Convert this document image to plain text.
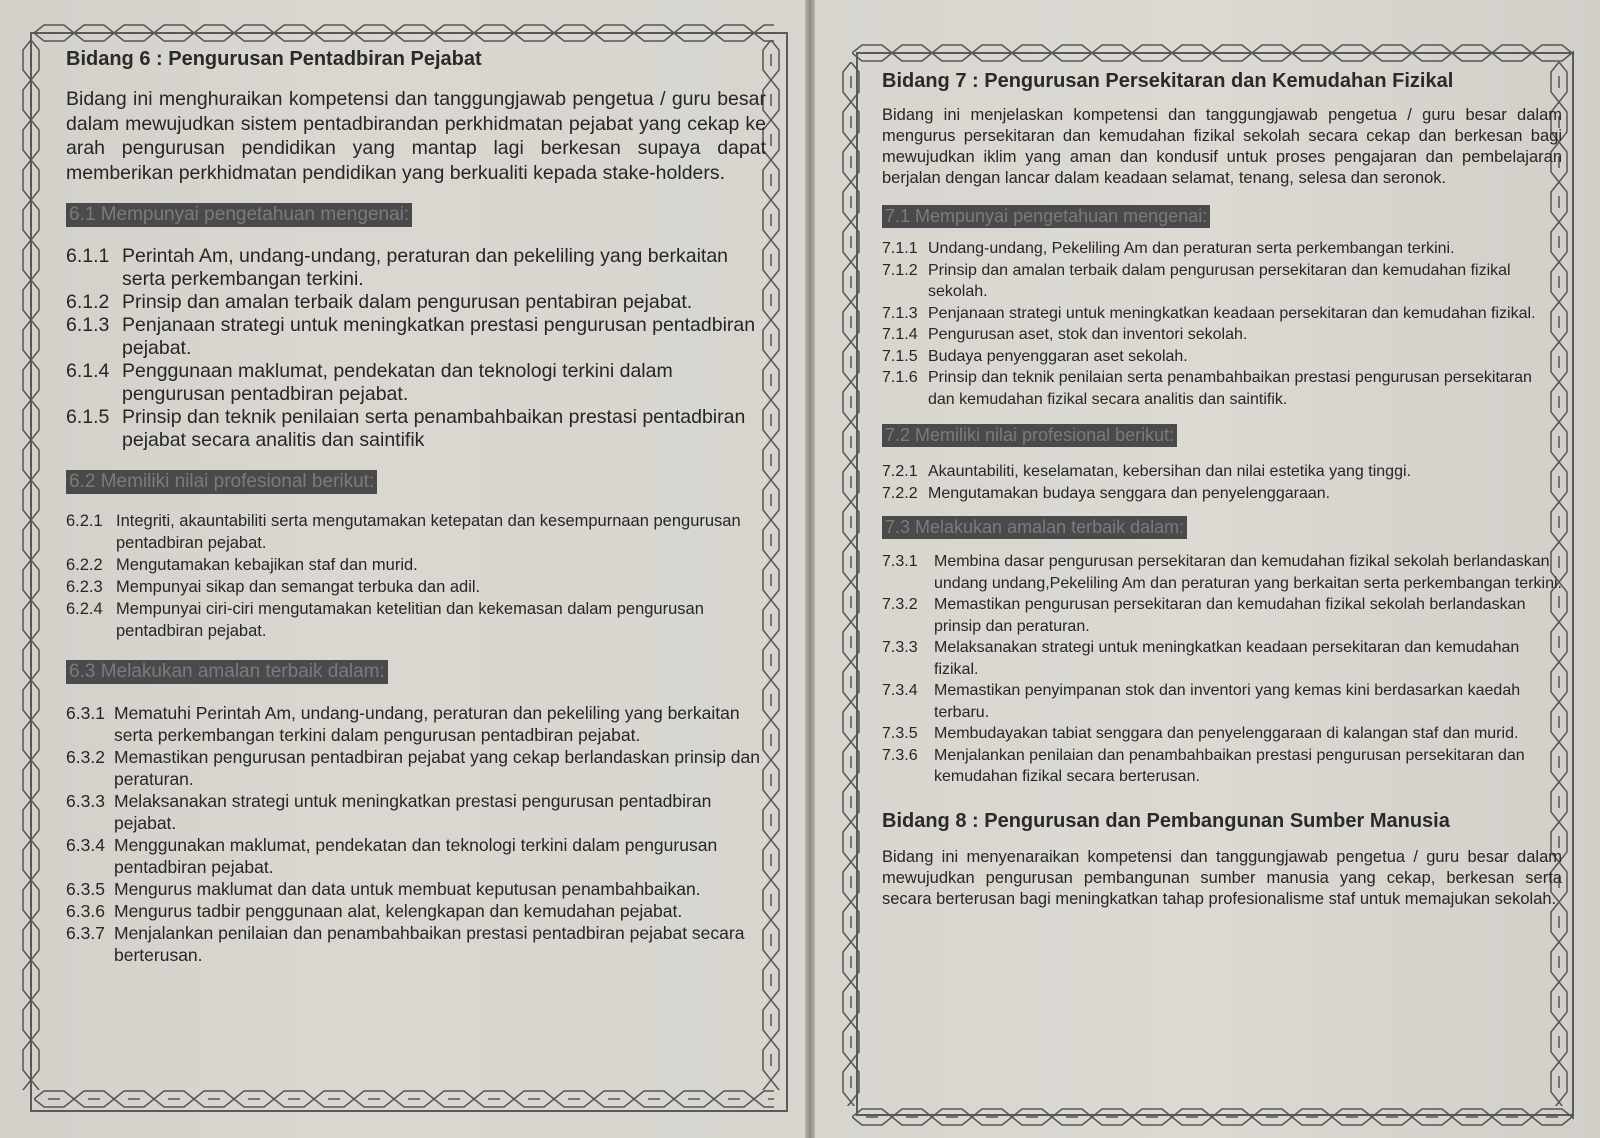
Bidang 6 : Pengurusan Pentadbiran Pejabat

Bidang ini menghuraikan kompetensi dan tanggungjawab pengetua / guru besar dalam mewujudkan sistem pentadbirandan perkhidmatan pejabat yang cekap ke arah pengurusan pendidikan yang mantap lagi berkesan supaya dapat memberikan perkhidmatan pendidikan yang berkualiti kepada stake-holders.

6.1 Mempunyai pengetahuan mengenai:
6.1.1 Perintah Am, undang-undang, peraturan dan pekeliling yang berkaitan serta perkembangan terkini.
6.1.2 Prinsip dan amalan terbaik dalam pengurusan pentabiran pejabat.
6.1.3 Penjanaan strategi untuk meningkatkan prestasi pengurusan pentadbiran pejabat.
6.1.4 Penggunaan maklumat, pendekatan dan teknologi terkini dalam pengurusan pentadbiran pejabat.
6.1.5 Prinsip dan teknik penilaian serta penambahbaikan prestasi pentadbiran pejabat secara analitis dan saintifik
6.2 Memiliki nilai profesional berikut:
6.2.1 Integriti, akauntabiliti serta mengutamakan ketepatan dan kesempurnaan pengurusan pentadbiran pejabat.
6.2.2 Mengutamakan kebajikan staf dan murid.
6.2.3 Mempunyai sikap dan semangat terbuka dan adil.
6.2.4 Mempunyai ciri-ciri mengutamakan ketelitian dan kekemasan dalam pengurusan pentadbiran pejabat.
6.3 Melakukan amalan terbaik dalam:
6.3.1 Mematuhi Perintah Am, undang-undang, peraturan dan pekeliling yang berkaitan serta perkembangan terkini dalam pengurusan pentadbiran pejabat.
6.3.2 Memastikan pengurusan pentadbiran pejabat yang cekap berlandaskan prinsip dan peraturan.
6.3.3 Melaksanakan strategi untuk meningkatkan prestasi pengurusan pentadbiran pejabat.
6.3.4 Menggunakan maklumat, pendekatan dan teknologi terkini dalam pengurusan pentadbiran pejabat.
6.3.5 Mengurus maklumat dan data untuk membuat keputusan penambahbaikan.
6.3.6 Mengurus tadbir penggunaan alat, kelengkapan dan kemudahan pejabat.
6.3.7 Menjalankan penilaian dan penambahbaikan prestasi pentadbiran pejabat secara berterusan.
Bidang 7 : Pengurusan Persekitaran dan Kemudahan Fizikal

Bidang ini menjelaskan kompetensi dan tanggungjawab pengetua / guru besar dalam mengurus persekitaran dan kemudahan fizikal sekolah secara cekap dan berkesan bagi mewujudkan iklim yang aman dan kondusif untuk proses pengajaran dan pembelajaran berjalan dengan lancar dalam keadaan selamat, tenang, selesa dan seronok.

7.1 Mempunyai pengetahuan mengenai:
7.1.1 Undang-undang, Pekeliling Am dan peraturan serta perkembangan terkini.
7.1.2 Prinsip dan amalan terbaik dalam pengurusan persekitaran dan kemudahan fizikal sekolah.
7.1.3 Penjanaan strategi untuk meningkatkan keadaan persekitaran dan kemudahan fizikal.
7.1.4 Pengurusan aset, stok dan inventori sekolah.
7.1.5 Budaya penyenggaran aset sekolah.
7.1.6 Prinsip dan teknik penilaian serta penambahbaikan prestasi pengurusan persekitaran dan kemudahan fizikal secara analitis dan saintifik.
7.2 Memiliki nilai profesional berikut:
7.2.1 Akauntabiliti, keselamatan, kebersihan dan nilai estetika yang tinggi.
7.2.2 Mengutamakan budaya senggara dan penyelenggaraan.
7.3 Melakukan amalan terbaik dalam:
7.3.1 Membina dasar pengurusan persekitaran dan kemudahan fizikal sekolah berlandaskan undang undang,Pekeliling Am dan peraturan yang berkaitan serta perkembangan terkini.
7.3.2 Memastikan pengurusan persekitaran dan kemudahan fizikal sekolah berlandaskan prinsip dan peraturan.
7.3.3 Melaksanakan strategi untuk meningkatkan keadaan persekitaran dan kemudahan fizikal.
7.3.4 Memastikan penyimpanan stok dan inventori yang kemas kini berdasarkan kaedah terbaru.
7.3.5 Membudayakan tabiat senggara dan penyelenggaraan di kalangan staf dan murid.
7.3.6 Menjalankan penilaian dan penambahbaikan prestasi pengurusan persekitaran dan kemudahan fizikal secara berterusan.
Bidang 8 : Pengurusan dan Pembangunan Sumber Manusia

Bidang ini menyenaraikan kompetensi dan tanggungjawab pengetua / guru besar dalam mewujudkan pengurusan pembangunan sumber manusia yang cekap, berkesan serta secara berterusan bagi meningkatkan tahap profesionalisme staf untuk memajukan sekolah.
